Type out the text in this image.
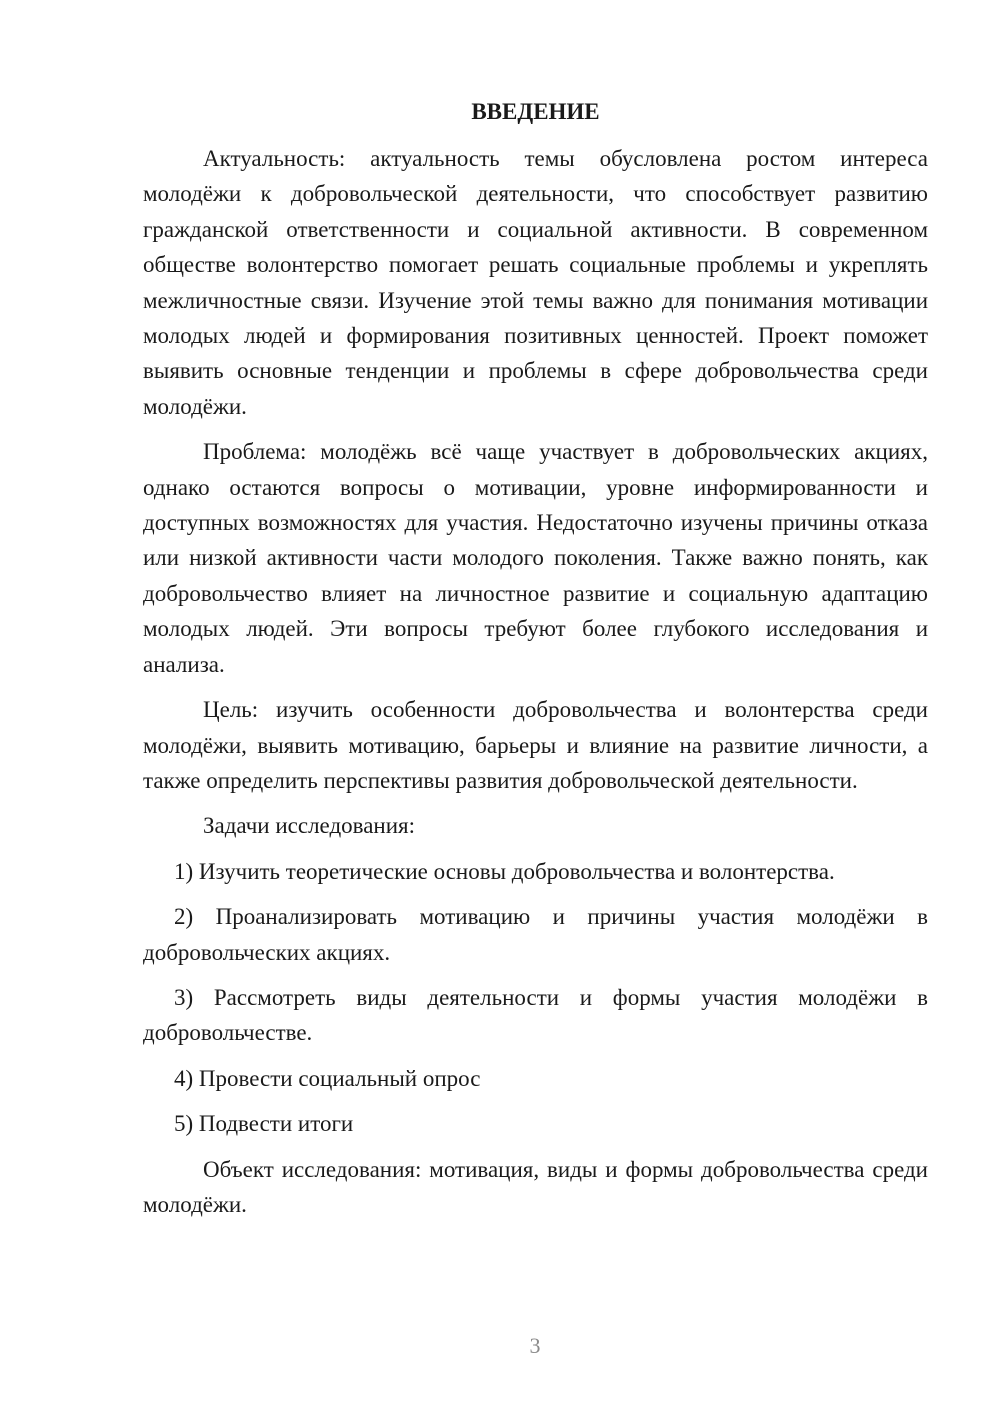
ВВЕДЕНИЕ
Актуальность: актуальность темы обусловлена ростом интереса молодёжи к добровольческой деятельности, что способствует развитию гражданской ответственности и социальной активности. В современном обществе волонтерство помогает решать социальные проблемы и укреплять межличностные связи. Изучение этой темы важно для понимания мотивации молодых людей и формирования позитивных ценностей. Проект поможет выявить основные тенденции и проблемы в сфере добровольчества среди молодёжи.
Проблема: молодёжь всё чаще участвует в добровольческих акциях, однако остаются вопросы о мотивации, уровне информированности и доступных возможностях для участия. Недостаточно изучены причины отказа или низкой активности части молодого поколения. Также важно понять, как добровольчество влияет на личностное развитие и социальную адаптацию молодых людей. Эти вопросы требуют более глубокого исследования и анализа.
Цель: изучить особенности добровольчества и волонтерства среди молодёжи, выявить мотивацию, барьеры и влияние на развитие личности, а также определить перспективы развития добровольческой деятельности.
Задачи исследования:
1) Изучить теоретические основы добровольчества и волонтерства.
2) Проанализировать мотивацию и причины участия молодёжи в добровольческих акциях.
3) Рассмотреть виды деятельности и формы участия молодёжи в добровольчестве.
4) Провести социальный опрос
5) Подвести итоги
Объект исследования: мотивация, виды и формы добровольчества среди молодёжи.
3
